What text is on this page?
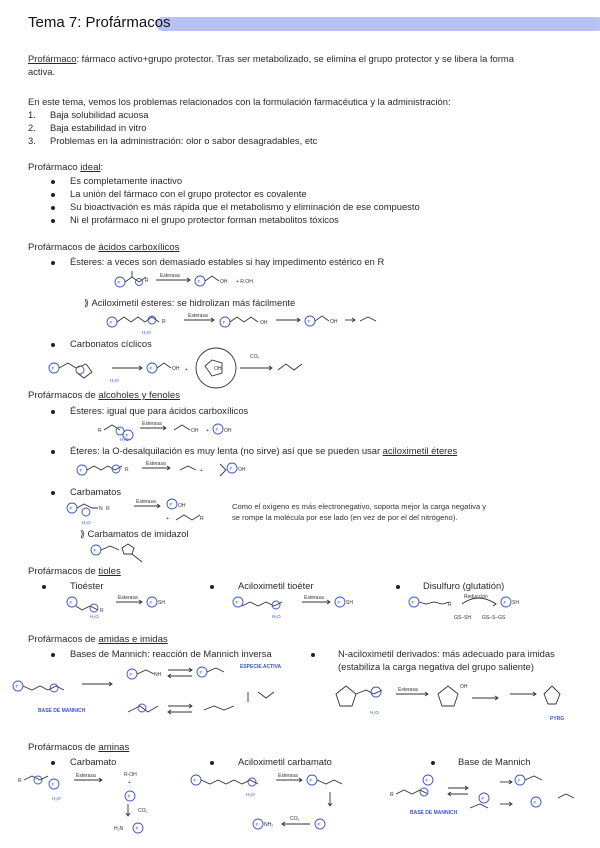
Tema 7: Profármacos
Profármaco: fármaco activo+grupo protector. Tras ser metabolizado, se elimina el grupo protector y se libera la forma
activa.
En este tema, vemos los problemas relacionados con la formulación farmacéutica y la administración:
1. Baja solubilidad acuosa
2. Baja estabilidad in vitro
3. Problemas en la administración: olor o sabor desagradables, etc
Profármaco ideal:
Es completamente inactivo
La unión del fármaco con el grupo protector es covalente
Su bioactivación es más rápida que el metabolismo y eliminación de ese compuesto
Ni el profármaco ni el grupo protector forman metabolitos tóxicos
Profármacos de ácidos carboxílicos
Ésteres: a veces son demasiado estables si hay impedimento estérico en R
F	R
Esterasa
F	OH + R.OH
⟫ Aciloximetil ésteres: se hidrolizan más fácilmente
F	R
H₂O
Esterasa
F	OH	F	OH
Carbonatos cíclicos
F
H₂O
F	OH +	OH
CO₂
Profármacos de alcoholes y fenoles
Ésteres: igual que para ácidos carboxílicos
R
F
H₂O
Esterasa
OH + F OH
Éteres: la O-desalquilación es muy lenta (no sirve) así que se pueden usar aciloximetil éteres
F	R
Esterasa
+	F OH
Carbamatos
F	N R
H₂O
Esterasa	F OH
+	R
Como el oxígeno es más electronegativo, soporta mejor la carga negativa y
se rompe la molécula por ese lado (en vez de por el del nitrógeno).
⟫ Carbamatos de imidazol
F
Profármacos de tioles
Tioéster	Aciloximetil tioéter	Disulfuro (glutatión)
F
R
H₂O
Esterasa
F SH	F
H₂O
Esterasa
F SH	F	R
Reducción
F SH
GS–SH GS–S–GS
Profármacos de amidas e imidas
Bases de Mannich: reacción de Mannich inversa	N-aciloximetil derivados: más adecuado para imidas
(estabiliza la carga negativa del grupo saliente)
F
F	NH	F
BASE DE MANNICH
ESPECIE ACTIVA
H₂O
Esterasa	OH
PYRG
Profármacos de aminas
Carbamato	Aciloximetil carbamato	Base de Mannich
R
F
H₂O
Esterasa	R-OH
+
F
CO₂
H₂N	F
F
H₂O
Esterasa
F
F NH₂
CO₂
F
F
R
F
F
F
BASE DE MANNICH
